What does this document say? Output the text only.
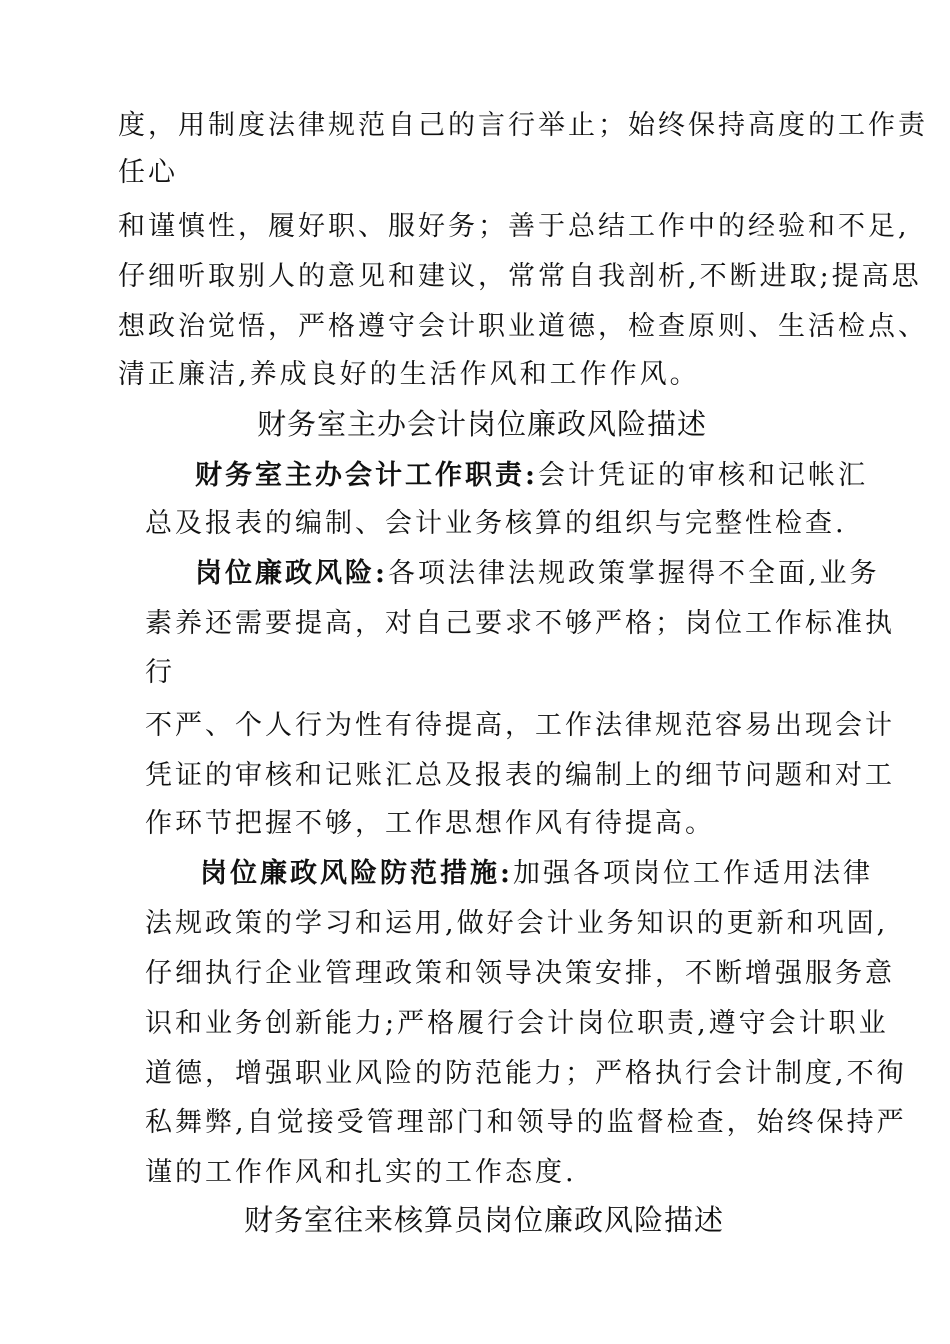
度，用制度法律规范自己的言行举止；始终保持高度的工作责
任心
和谨慎性，履好职、服好务；善于总结工作中的经验和不足,
仔细听取别人的意见和建议，常常自我剖析,不断进取;提高思
想政治觉悟，严格遵守会计职业道德，检查原则、生活检点、
清正廉洁,养成良好的生活作风和工作作风。
财务室主办会计岗位廉政风险描述
财务室主办会计工作职责:会计凭证的审核和记帐汇
总及报表的编制、会计业务核算的组织与完整性检查.
岗位廉政风险:各项法律法规政策掌握得不全面,业务
素养还需要提高，对自己要求不够严格；岗位工作标准执
行
不严、个人行为性有待提高，工作法律规范容易出现会计
凭证的审核和记账汇总及报表的编制上的细节问题和对工
作环节把握不够，工作思想作风有待提高。
岗位廉政风险防范措施:加强各项岗位工作适用法律
法规政策的学习和运用,做好会计业务知识的更新和巩固,
仔细执行企业管理政策和领导决策安排，不断增强服务意
识和业务创新能力;严格履行会计岗位职责,遵守会计职业
道德，增强职业风险的防范能力；严格执行会计制度,不徇
私舞弊,自觉接受管理部门和领导的监督检查，始终保持严
谨的工作作风和扎实的工作态度.
财务室往来核算员岗位廉政风险描述
